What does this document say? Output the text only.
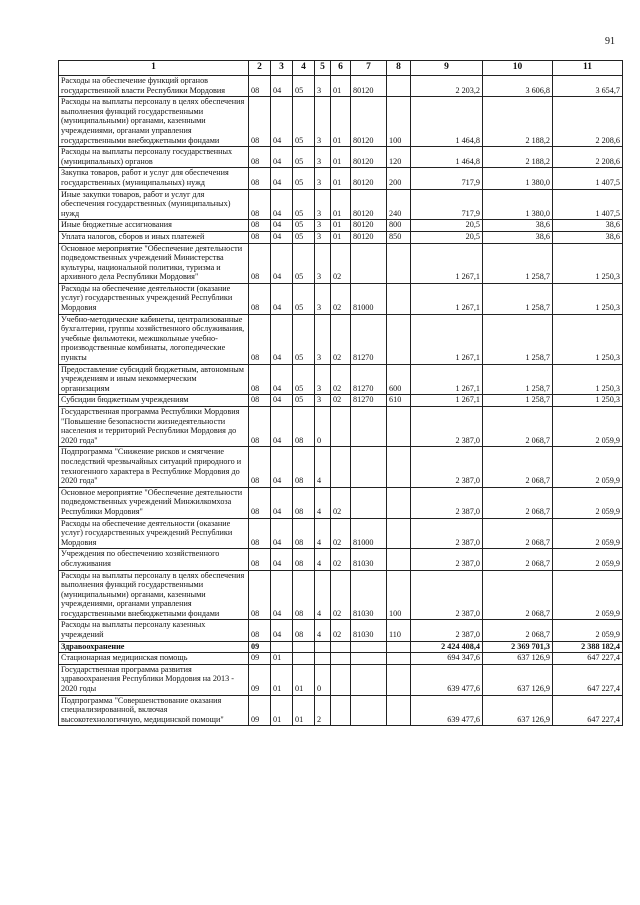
91
1	2	3	4	5	6	7	8	9	10	11
Расходы на обеспечение функций органов государственной власти Республики Мордовия	08	04	05	3	01	80120		2 203,2	3 606,8	3 654,7
Расходы на выплаты персоналу в целях обеспечения выполнения функций государственными (муниципальными) органами, казенными учреждениями, органами управления государственными внебюджетными фондами	08	04	05	3	01	80120	100	1 464,8	2 188,2	2 208,6
Расходы на выплаты персоналу государственных (муниципальных) органов	08	04	05	3	01	80120	120	1 464,8	2 188,2	2 208,6
Закупка товаров, работ и услуг для обеспечения государственных (муниципальных) нужд	08	04	05	3	01	80120	200	717,9	1 380,0	1 407,5
Иные закупки товаров, работ и услуг для обеспечения государственных (муниципальных) нужд	08	04	05	3	01	80120	240	717,9	1 380,0	1 407,5
Иные бюджетные ассигнования	08	04	05	3	01	80120	800	20,5	38,6	38,6
Уплата налогов, сборов и иных платежей	08	04	05	3	01	80120	850	20,5	38,6	38,6
Основное мероприятие "Обеспечение деятельности подведомственных учреждений Министерства культуры, национальной политики, туризма и архивного дела Республики Мордовия"	08	04	05	3	02			1 267,1	1 258,7	1 250,3
Расходы на обеспечение деятельности (оказание услуг) государственных учреждений Республики Мордовия	08	04	05	3	02	81000		1 267,1	1 258,7	1 250,3
Учебно-методические кабинеты, централизованные бухгалтерии, группы хозяйственного обслуживания, учебные фильмотеки, межшкольные учебно-производственные комбинаты, логопедические пункты	08	04	05	3	02	81270		1 267,1	1 258,7	1 250,3
Предоставление субсидий бюджетным, автономным учреждениям и иным некоммерческим организациям	08	04	05	3	02	81270	600	1 267,1	1 258,7	1 250,3
Субсидии бюджетным учреждениям	08	04	05	3	02	81270	610	1 267,1	1 258,7	1 250,3
Государственная программа Республики Мордовия "Повышение безопасности жизнедеятельности населения и территорий Республики Мордовия до 2020 года"	08	04	08	0				2 387,0	2 068,7	2 059,9
Подпрограмма "Снижение рисков и смягчение последствий чрезвычайных ситуаций природного и техногенного характера в Республике Мордовия до 2020 года"	08	04	08	4				2 387,0	2 068,7	2 059,9
Основное мероприятие "Обеспечение деятельности подведомственных учреждений Минжилкомхоза Республики Мордовия"	08	04	08	4	02			2 387,0	2 068,7	2 059,9
Расходы на обеспечение деятельности (оказание услуг) государственных учреждений Республики Мордовия	08	04	08	4	02	81000		2 387,0	2 068,7	2 059,9
Учреждения по обеспечению хозяйственного обслуживания	08	04	08	4	02	81030		2 387,0	2 068,7	2 059,9
Расходы на выплаты персоналу в целях обеспечения выполнения функций государственными (муниципальными) органами, казенными учреждениями, органами управления государственными внебюджетными фондами	08	04	08	4	02	81030	100	2 387,0	2 068,7	2 059,9
Расходы на выплаты персоналу казенных учреждений	08	04	08	4	02	81030	110	2 387,0	2 068,7	2 059,9
Здравоохранение	09							2 424 408,4	2 369 701,3	2 388 182,4
Стационарная медицинская помощь	09	01						694 347,6	637 126,9	647 227,4
Государственная программа развития здравоохранения Республики Мордовия на 2013 - 2020 годы	09	01	01	0				639 477,6	637 126,9	647 227,4
Подпрограмма "Совершенствование оказания специализированной, включая высокотехнологичную, медицинской помощи"	09	01	01	2				639 477,6	637 126,9	647 227,4
